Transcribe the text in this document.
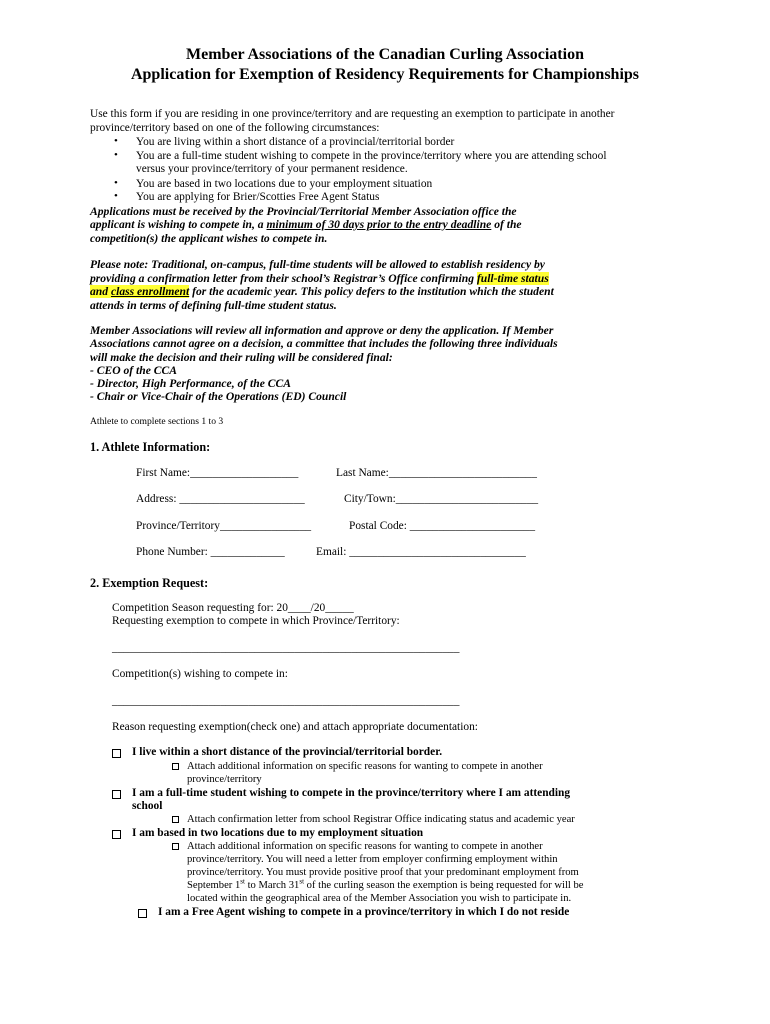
Member Associations of the Canadian Curling Association
Application for Exemption of Residency Requirements for Championships
Use this form if you are residing in one province/territory and are requesting an exemption to participate in another
province/territory based on one of the following circumstances:
• You are living within a short distance of a provincial/territorial border
• You are a full-time student wishing to compete in the province/territory where you are attending school
versus your province/territory of your permanent residence.
• You are based in two locations due to your employment situation
• You are applying for Brier/Scotties Free Agent Status
Applications must be received by the Provincial/Territorial Member Association office the
applicant is wishing to compete in, a minimum of 30 days prior to the entry deadline of the
competition(s) the applicant wishes to compete in.
Please note: Traditional, on-campus, full-time students will be allowed to establish residency by
providing a confirmation letter from their school’s Registrar’s Office confirming full-time status
and class enrollment for the academic year. This policy defers to the institution which the student
attends in terms of defining full-time student status.
Member Associations will review all information and approve or deny the application. If Member
Associations cannot agree on a decision, a committee that includes the following three individuals
will make the decision and their ruling will be considered final:
- CEO of the CCA
- Director, High Performance, of the CCA
- Chair or Vice-Chair of the Operations (ED) Council
Athlete to complete sections 1 to 3
1. Athlete Information:
First Name:___________________	Last Name:__________________________
Address: ______________________	City/Town:_________________________
Province/Territory________________	Postal Code: ______________________
Phone Number: _____________	Email: _______________________________
2. Exemption Request:
Competition Season requesting for: 20____/20_____
Requesting exemption to compete in which Province/Territory:
_____________________________________________________________
Competition(s) wishing to compete in:
_____________________________________________________________
Reason requesting exemption(check one) and attach appropriate documentation:
I live within a short distance of the provincial/territorial border.
Attach additional information on specific reasons for wanting to compete in another
province/territory
I am a full-time student wishing to compete in the province/territory where I am attending
school
Attach confirmation letter from school Registrar Office indicating status and academic year
I am based in two locations due to my employment situation
Attach additional information on specific reasons for wanting to compete in another
province/territory. You will need a letter from employer confirming employment within
province/territory. You must provide positive proof that your predominant employment from
September 1st to March 31st of the curling season the exemption is being requested for will be
located within the geographical area of the Member Association you wish to participate in.
I am a Free Agent wishing to compete in a province/territory in which I do not reside
